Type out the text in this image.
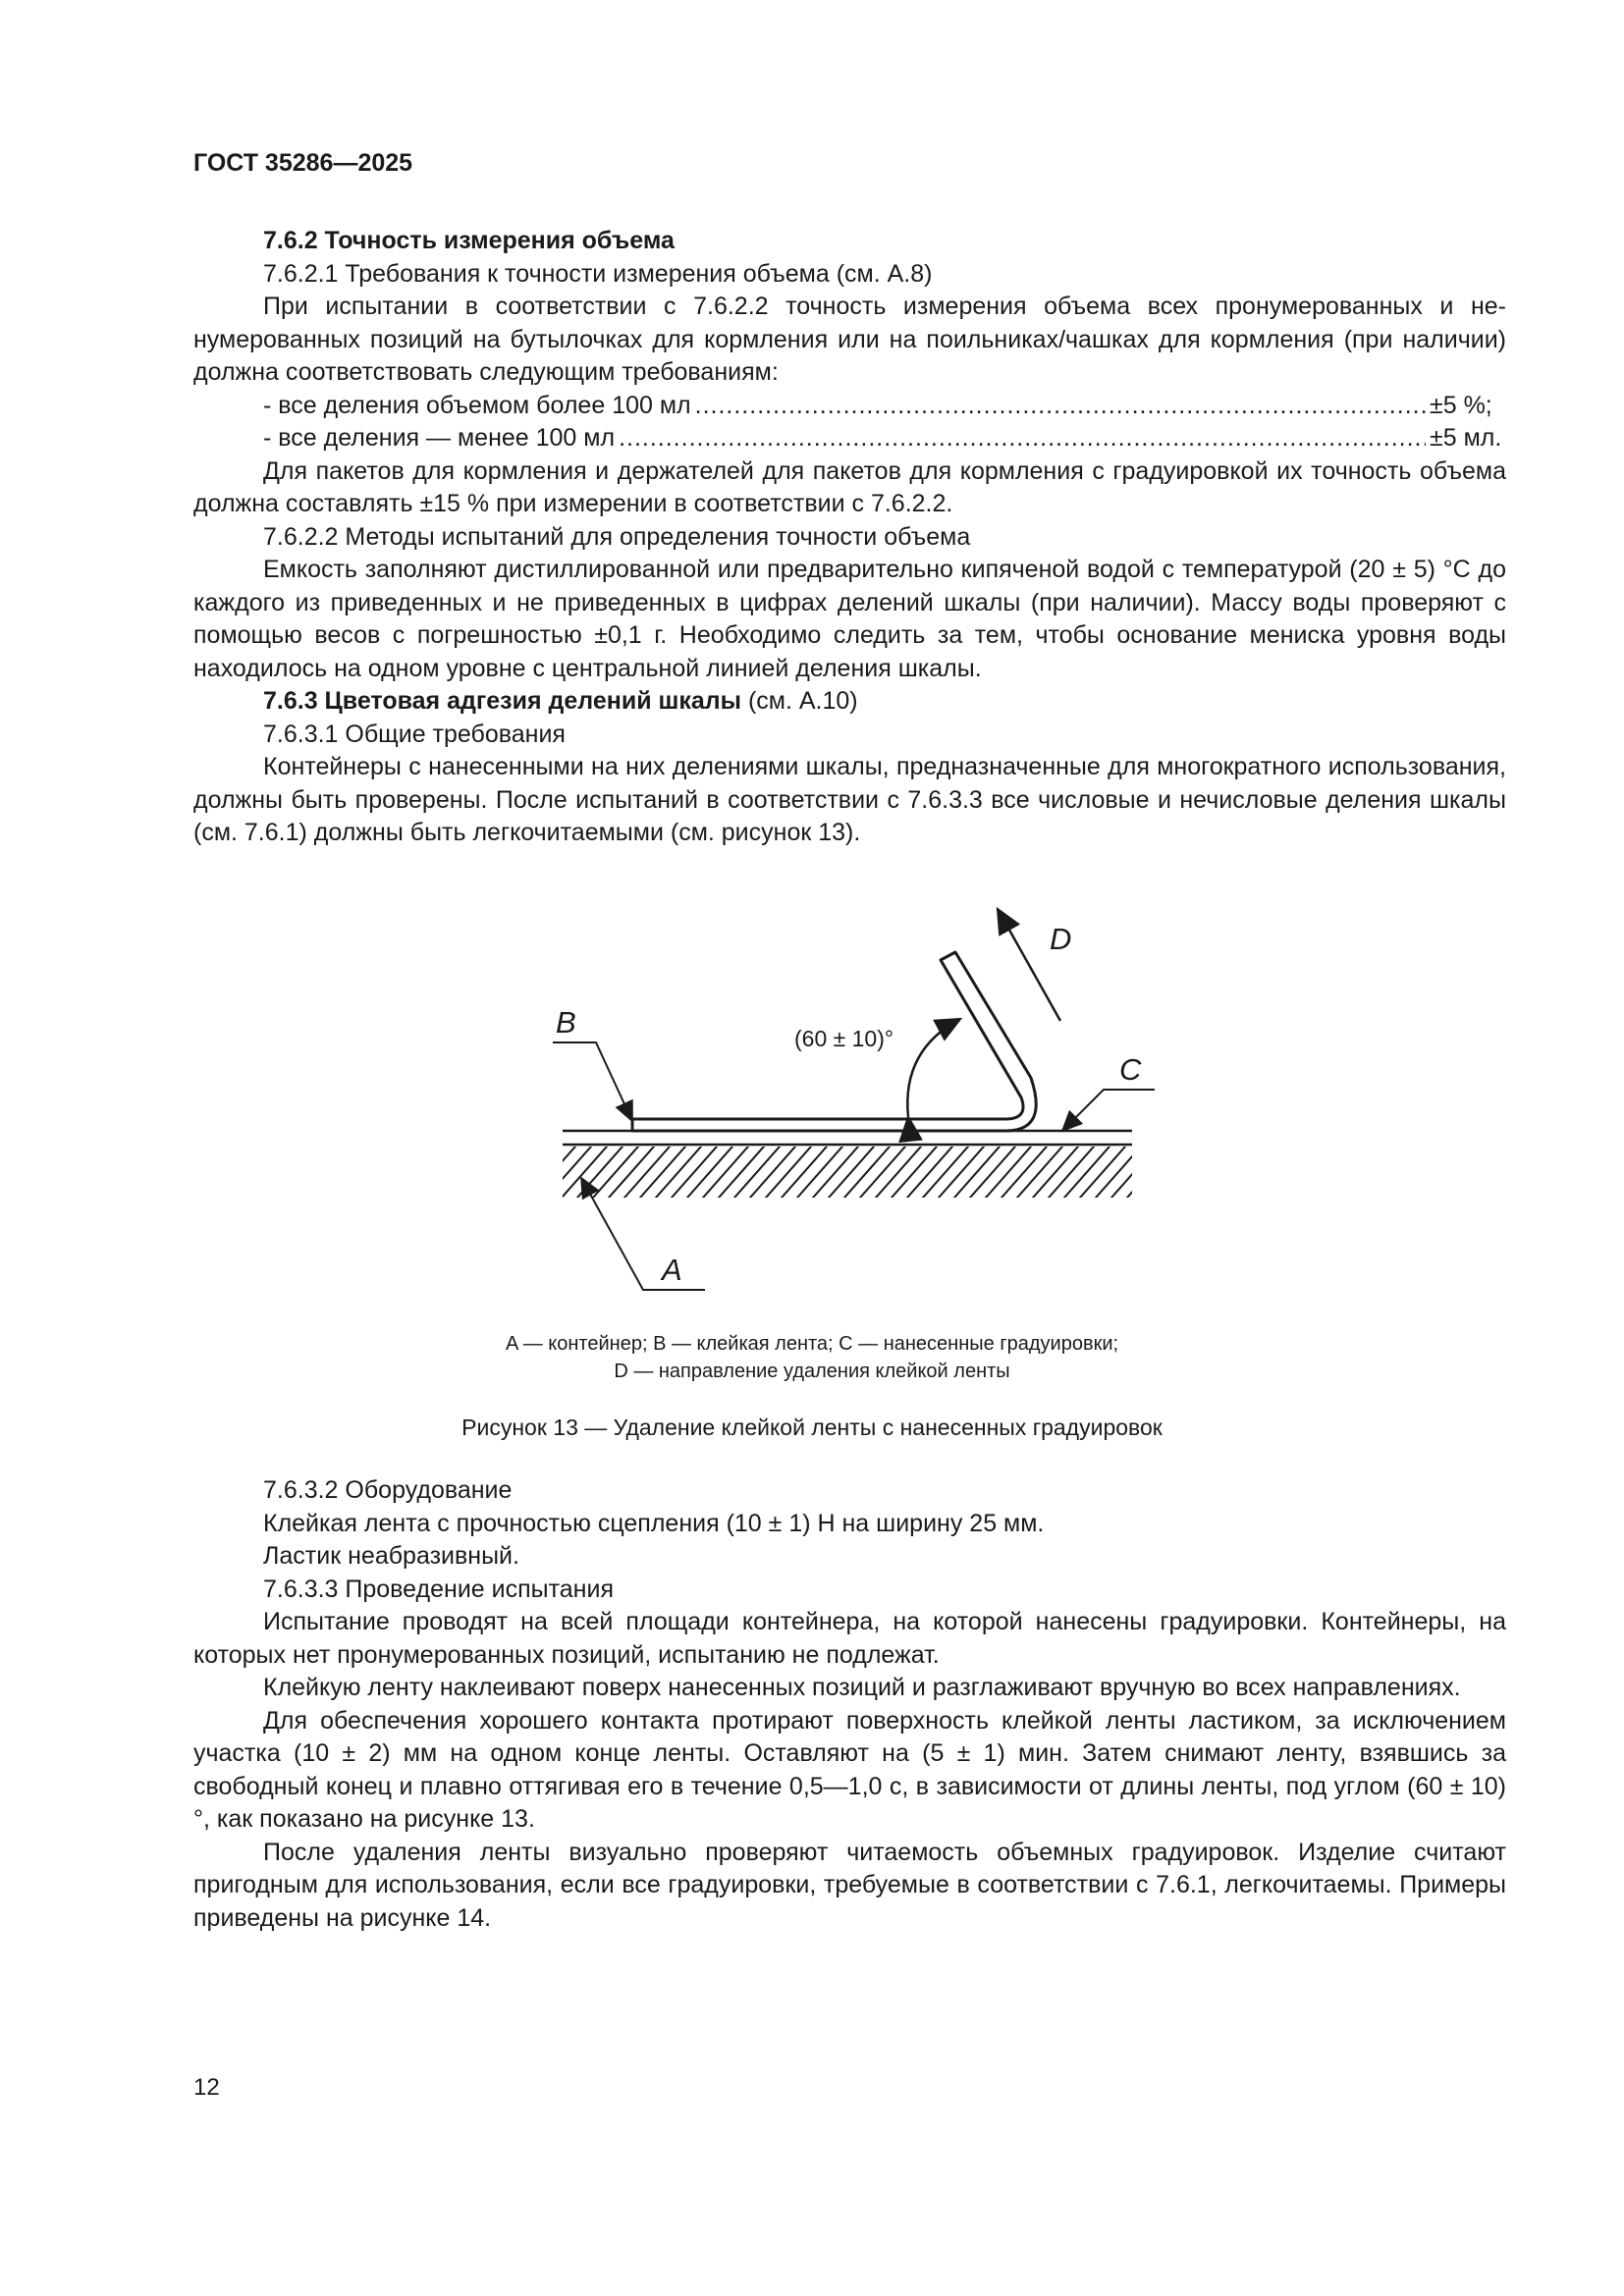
ГОСТ 35286—2025

7.6.2 Точность измерения объема

7.6.2.1 Требования к точности измерения объема (см. А.8)

При испытании в соответствии с 7.6.2.2 точность измерения объема всех пронумерованных и ненумерованных позиций на бутылочках для кормления или на поильниках/чашках для кормления (при наличии) должна соответствовать следующим требованиям:

- все деления объемом более 100 мл .....	±5 %;
- все деления — менее 100 мл .....	±5 мл.

Для пакетов для кормления и держателей для пакетов для кормления с градуировкой их точность объема должна составлять ±15 % при измерении в соответствии с 7.6.2.2.

7.6.2.2 Методы испытаний для определения точности объема

Емкость заполняют дистиллированной или предварительно кипяченой водой с температурой (20 ± 5) °С до каждого из приведенных и не приведенных в цифрах делений шкалы (при наличии). Массу воды проверяют с помощью весов с погрешностью ±0,1 г. Необходимо следить за тем, чтобы основание мениска уровня воды находилось на одном уровне с центральной линией деления шкалы.

7.6.3 Цветовая адгезия делений шкалы (см. А.10)

7.6.3.1 Общие требования

Контейнеры с нанесенными на них делениями шкалы, предназначенные для многократного использования, должны быть проверены. После испытаний в соответствии с 7.6.3.3 все числовые и нечисловые деления шкалы (см. 7.6.1) должны быть легкочитаемыми (см. рисунок 13).

B
C
A
D
(60 ± 10)°
A — контейнер; B — клейкая лента; C — нанесенные градуировки;
D — направление удаления клейкой ленты
Рисунок 13 — Удаление клейкой ленты с нанесенных градуировок

7.6.3.2 Оборудование

Клейкая лента с прочностью сцепления (10 ± 1) Н на ширину 25 мм.

Ластик неабразивный.

7.6.3.3 Проведение испытания

Испытание проводят на всей площади контейнера, на которой нанесены градуировки. Контейнеры, на которых нет пронумерованных позиций, испытанию не подлежат.

Клейкую ленту наклеивают поверх нанесенных позиций и разглаживают вручную во всех направлениях.

Для обеспечения хорошего контакта протирают поверхность клейкой ленты ластиком, за исключением участка (10 ± 2) мм на одном конце ленты. Оставляют на (5 ± 1) мин. Затем снимают ленту, взявшись за свободный конец и плавно оттягивая его в течение 0,5—1,0 с, в зависимости от длины ленты, под углом (60 ± 10)°, как показано на рисунке 13.

После удаления ленты визуально проверяют читаемость объемных градуировок. Изделие считают пригодным для использования, если все градуировки, требуемые в соответствии с 7.6.1, легкочитаемы. Примеры приведены на рисунке 14.

12
